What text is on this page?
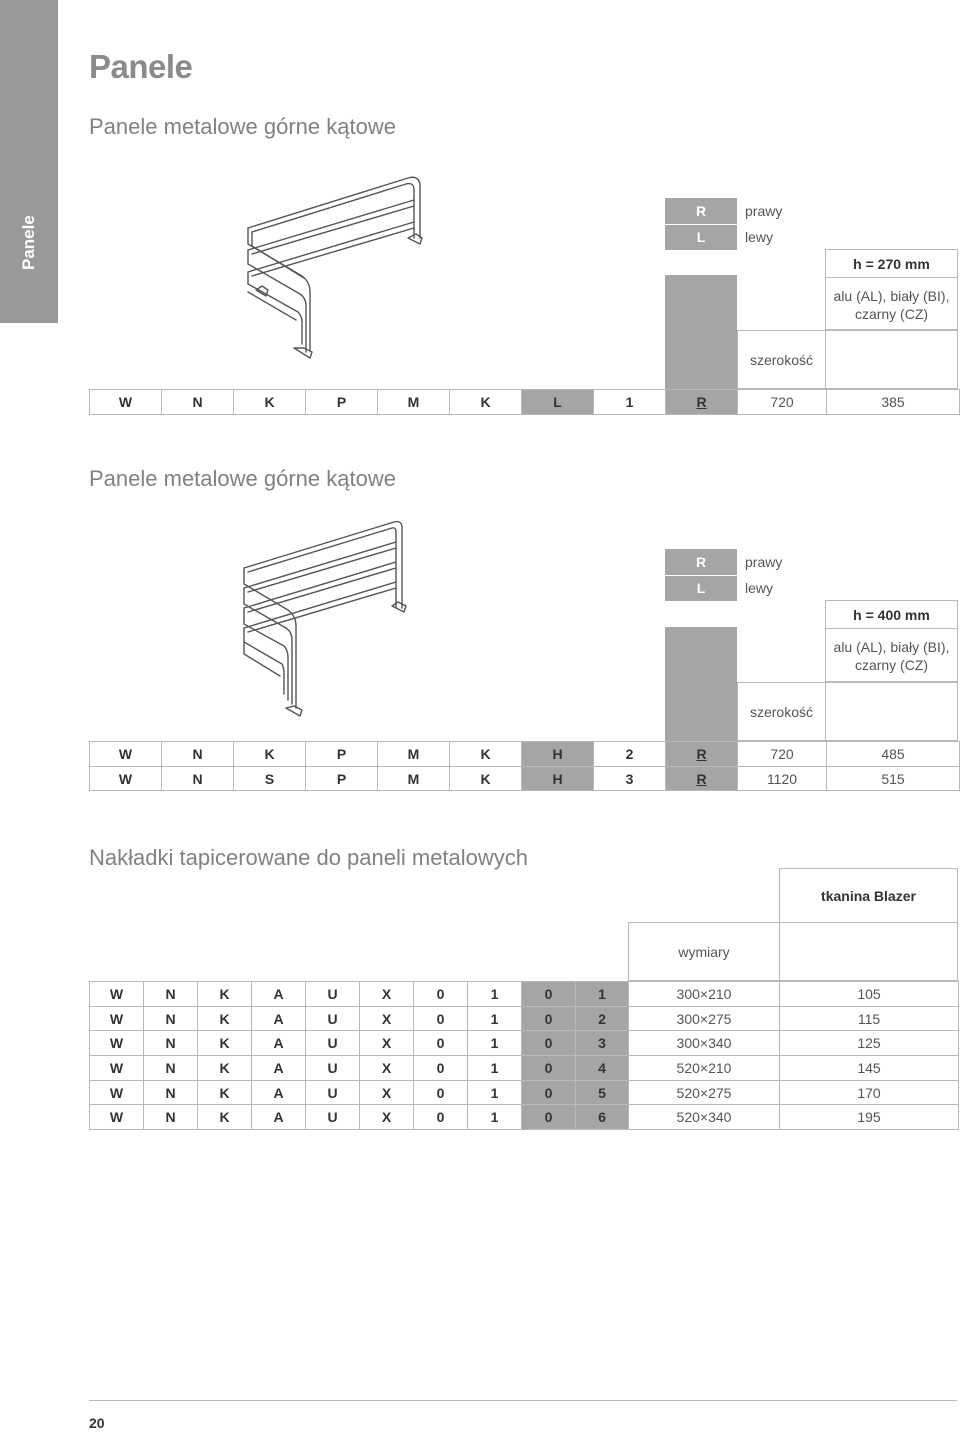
Panele
Panele
Panele metalowe górne kątowe
R	prawy
L	lewy
h = 270 mm
alu (AL), biały (BI),
czarny (CZ)
szerokość
W	N	K	P	M	K	L	1	R	720	385
Panele metalowe górne kątowe
R	prawy
L	lewy
h = 400 mm
alu (AL), biały (BI),
czarny (CZ)
szerokość
W	N	K	P	M	K	H	2	R	720	485
W	N	S	P	M	K	H	3	R	1120	515
Nakładki tapicerowane do paneli metalowych
tkanina Blazer
wymiary
W	N	K	A	U	X	0	1	0	1	300×210	105
W	N	K	A	U	X	0	1	0	2	300×275	115
W	N	K	A	U	X	0	1	0	3	300×340	125
W	N	K	A	U	X	0	1	0	4	520×210	145
W	N	K	A	U	X	0	1	0	5	520×275	170
W	N	K	A	U	X	0	1	0	6	520×340	195
20
